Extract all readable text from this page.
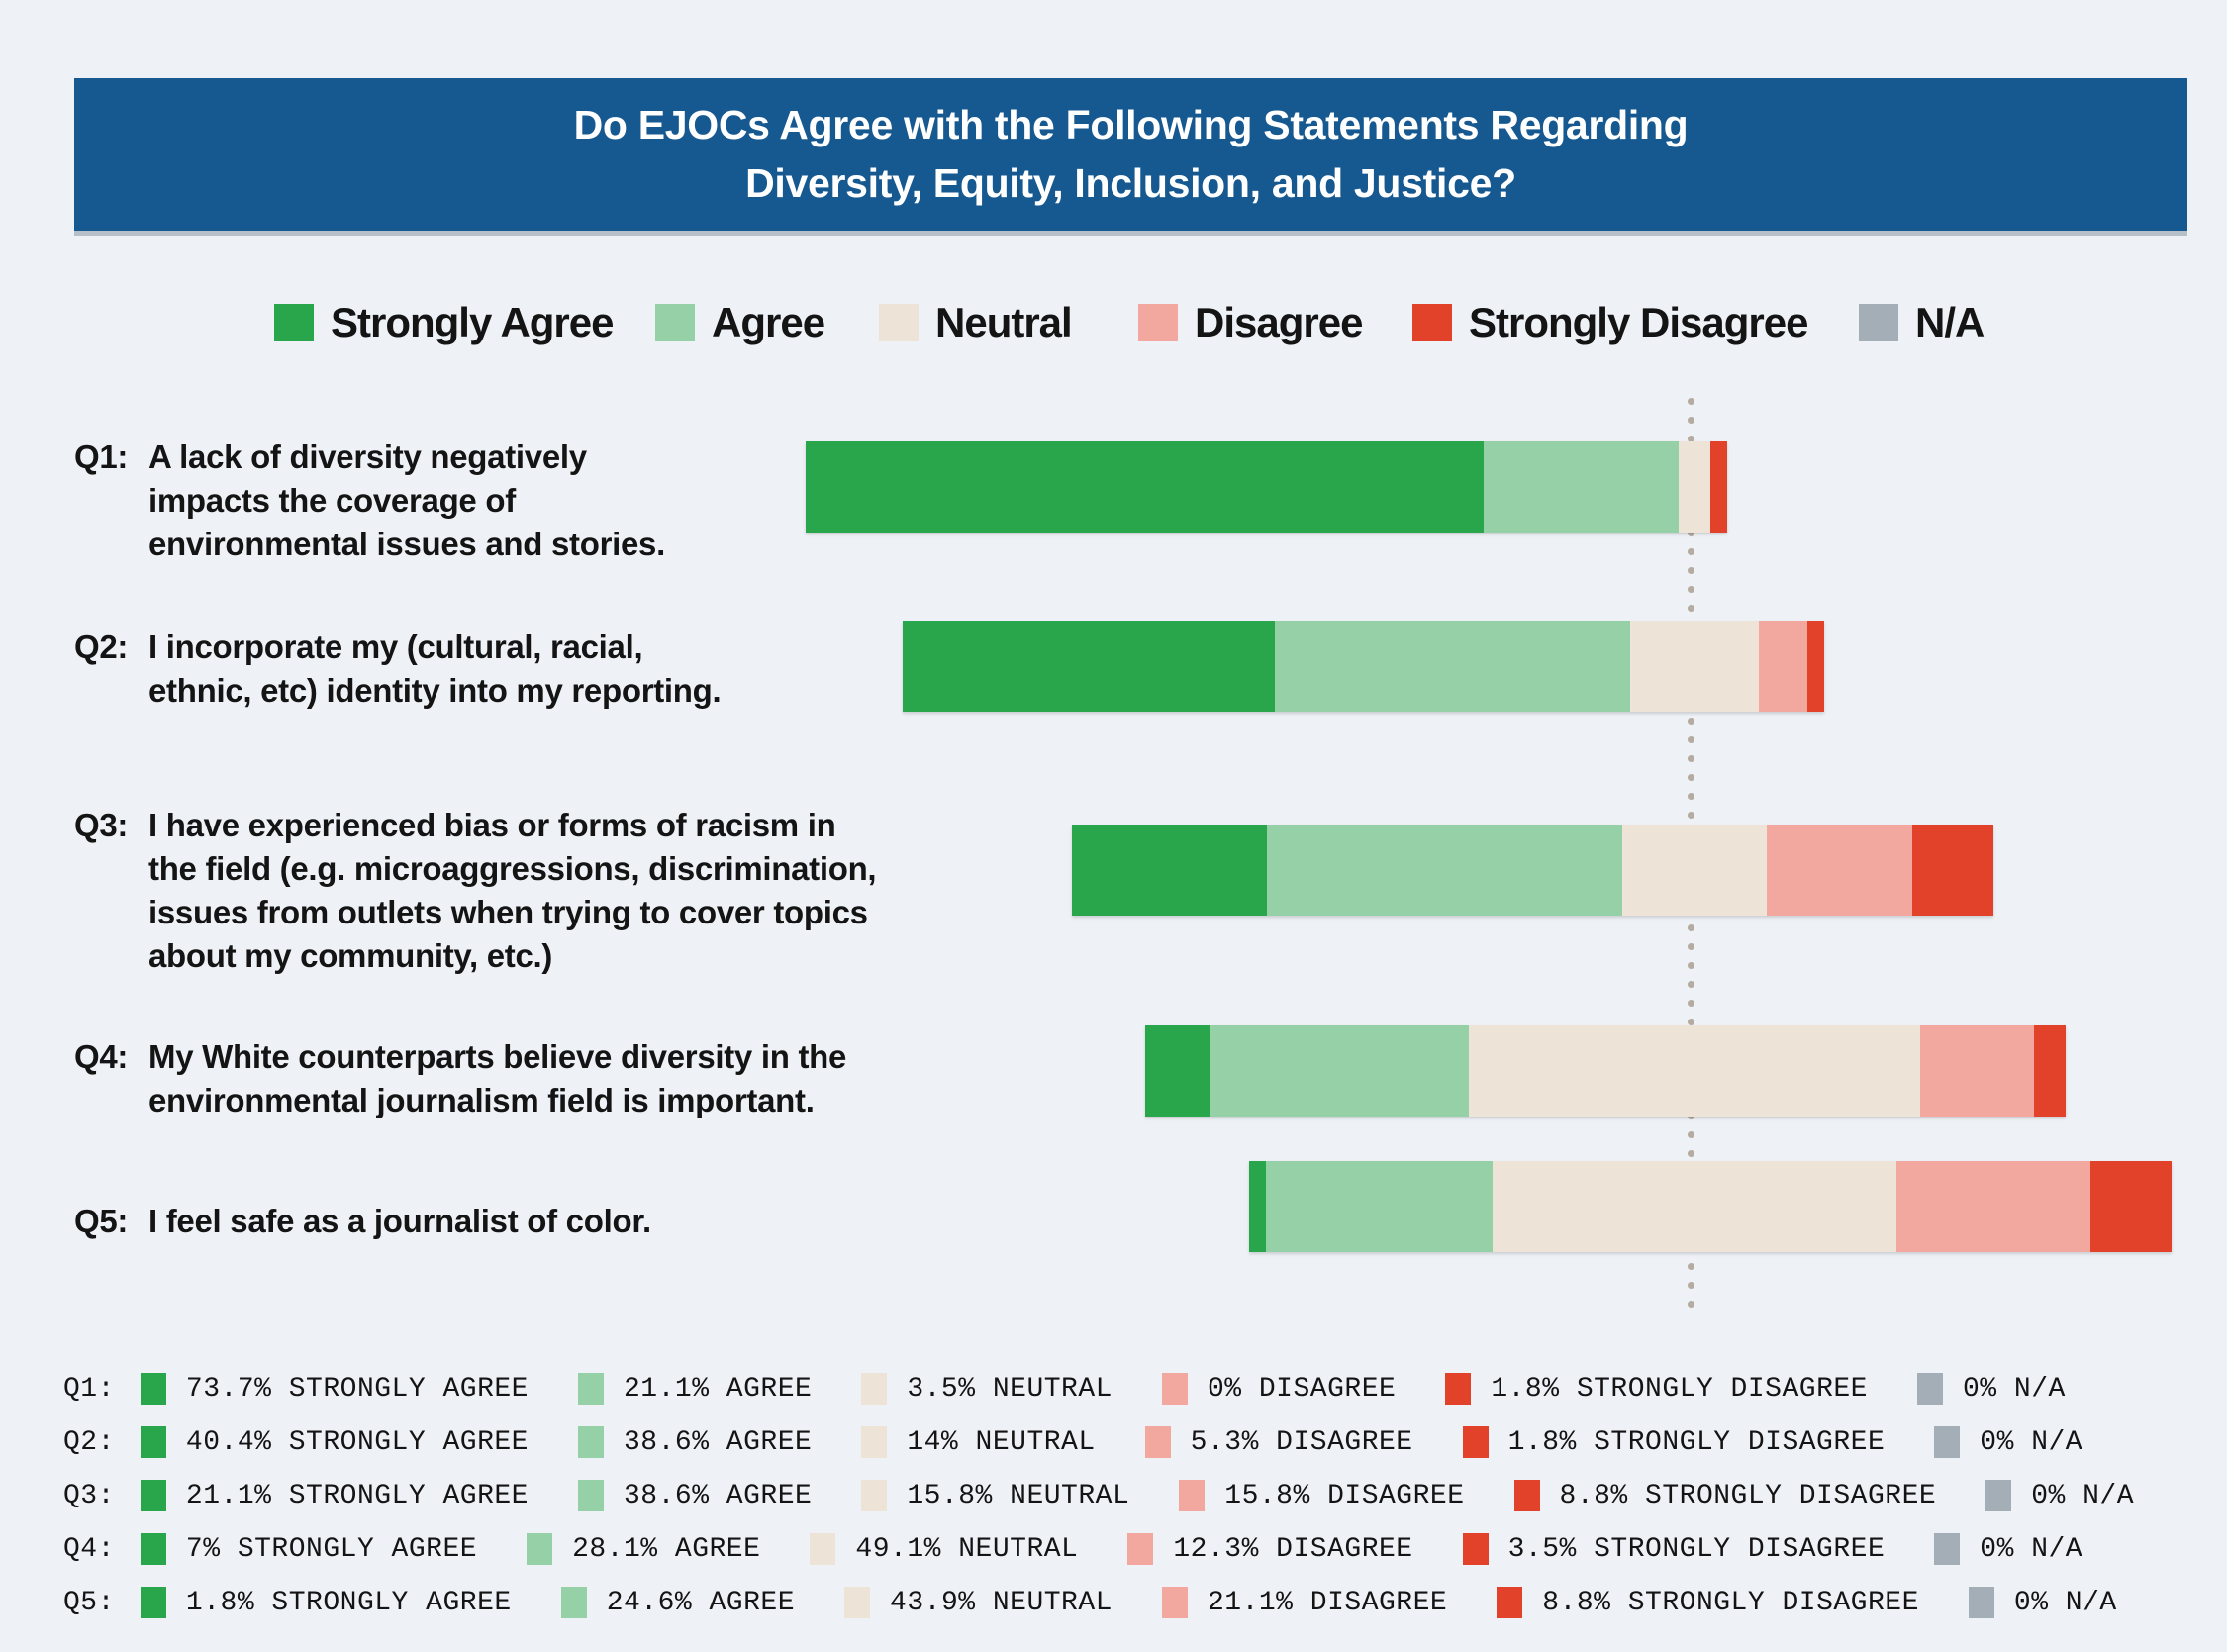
Do EJOCs Agree with the Following Statements Regarding
Diversity, Equity, Inclusion, and Justice?
Strongly Agree Agree	Neutral	Disagree	Strongly Disagree	N/A
Q1: A lack of diversity negatively
impacts the coverage of
environmental issues and stories.
Q2: I incorporate my (cultural, racial,
ethnic, etc) identity into my reporting.
Q3: I have experienced bias or forms of racism in
the field (e.g. microaggressions, discrimination,
issues from outlets when trying to cover topics
about my community, etc.)
Q4: My White counterparts believe diversity in the
environmental journalism field is important.
Q5: I feel safe as a journalist of color.
Q1:	73.7% STRONGLY AGREE	21.1% AGREE	3.5% NEUTRAL	0% DISAGREE	1.8% STRONGLY DISAGREE	0% N/A
Q2:	40.4% STRONGLY AGREE	38.6% AGREE	14% NEUTRAL	5.3% DISAGREE	1.8% STRONGLY DISAGREE	0% N/A
Q3:	21.1% STRONGLY AGREE	38.6% AGREE	15.8% NEUTRAL	15.8% DISAGREE	8.8% STRONGLY DISAGREE	0% N/A
Q4:	7% STRONGLY AGREE	28.1% AGREE	49.1% NEUTRAL	12.3% DISAGREE	3.5% STRONGLY DISAGREE	0% N/A
Q5:	1.8% STRONGLY AGREE	24.6% AGREE	43.9% NEUTRAL	21.1% DISAGREE	8.8% STRONGLY DISAGREE	0% N/A
